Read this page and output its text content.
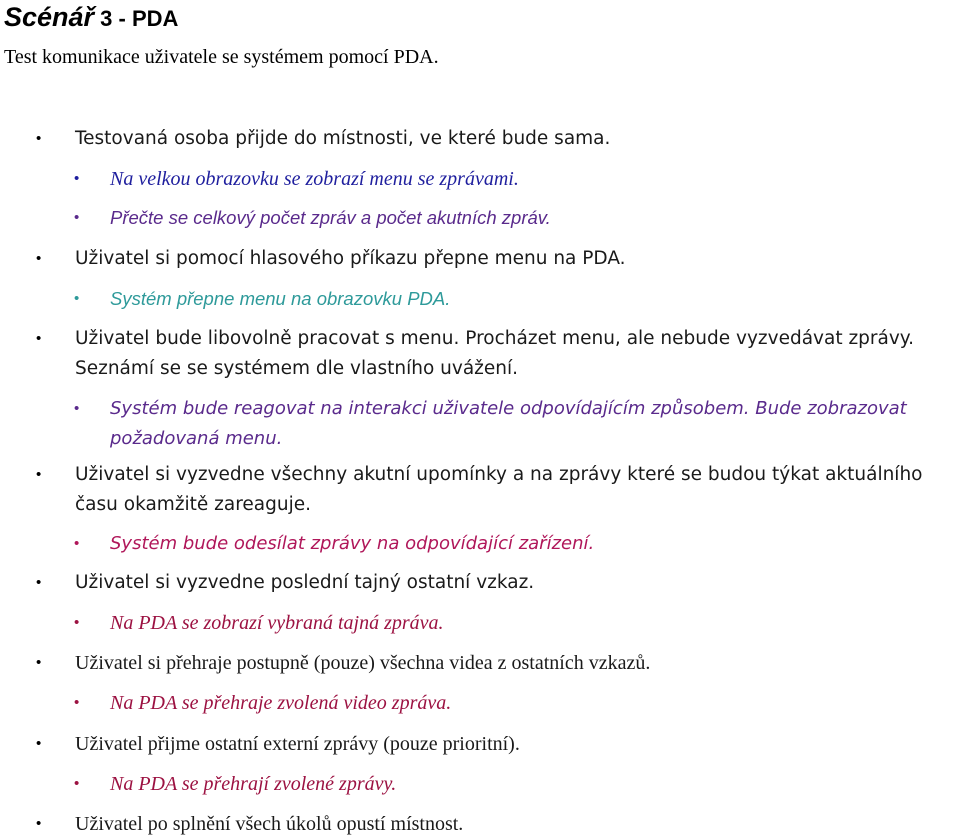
Scénář 3 - PDA
Test komunikace uživatele se systémem pomocí PDA.
• Testovaná osoba přijde do místnosti, ve které bude sama.
• Na velkou obrazovku se zobrazí menu se zprávami.
• Přečte se celkový počet zpráv a počet akutních zpráv.
• Uživatel si pomocí hlasového příkazu přepne menu na PDA.
• Systém přepne menu na obrazovku PDA.
• Uživatel bude libovolně pracovat s menu. Procházet menu, ale nebude vyzvedávat zprávy. Seznámí se se systémem dle vlastního uvážení.
• Systém bude reagovat na interakci uživatele odpovídajícím způsobem. Bude zobrazovat požadovaná menu.
• Uživatel si vyzvedne všechny akutní upomínky a na zprávy které se budou týkat aktuálního času okamžitě zareaguje.
• Systém bude odesílat zprávy na odpovídající zařízení.
• Uživatel si vyzvedne poslední tajný ostatní vzkaz.
• Na PDA se zobrazí vybraná tajná zpráva.
• Uživatel si přehraje postupně (pouze) všechna videa z ostatních vzkazů.
• Na PDA se přehraje zvolená video zpráva.
• Uživatel přijme ostatní externí zprávy (pouze prioritní).
• Na PDA se přehrají zvolené zprávy.
• Uživatel po splnění všech úkolů opustí místnost.
